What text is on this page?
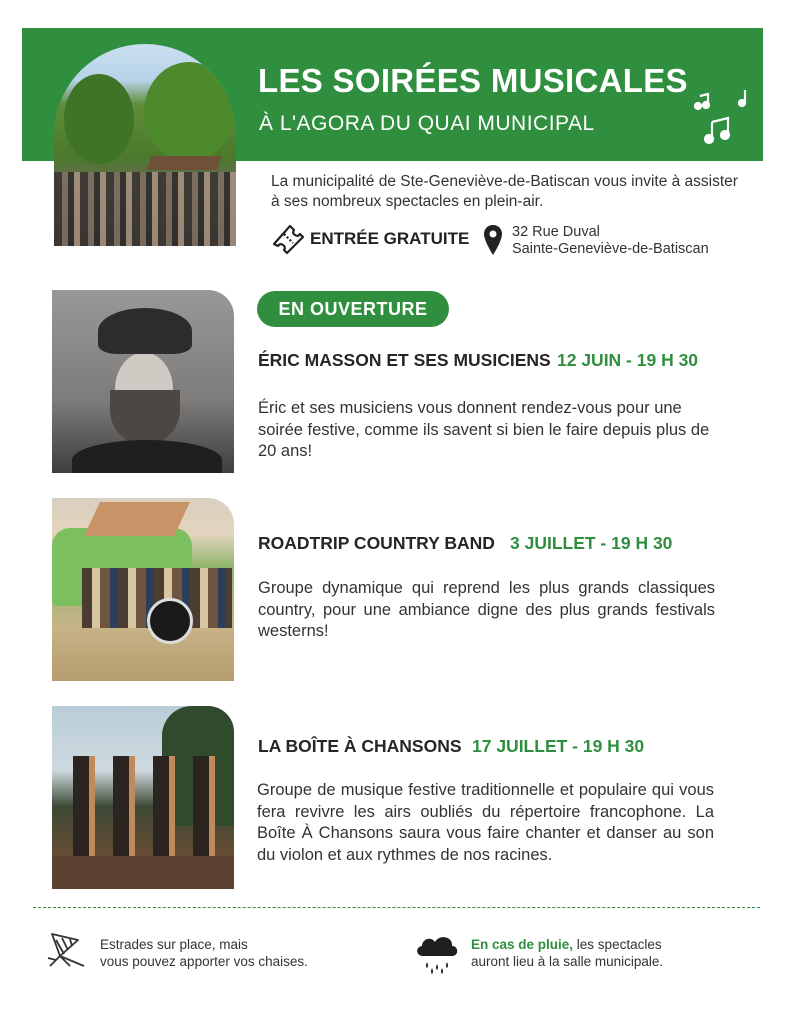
LES SOIRÉES MUSICALES
À L'AGORA DU QUAI MUNICIPAL
La municipalité de Ste-Geneviève-de-Batiscan vous invite à assister à ses nombreux spectacles en plein-air.
ENTRÉE GRATUITE	32 Rue Duval
Sainte-Geneviève-de-Batiscan
EN OUVERTURE
ÉRIC MASSON ET SES MUSICIENS 12 JUIN - 19 H 30
Éric et ses musiciens vous donnent rendez-vous pour une soirée festive, comme ils savent si bien le faire depuis plus de 20 ans!
ROADTRIP COUNTRY BAND 3 JUILLET - 19 H 30
Groupe dynamique qui reprend les plus grands classiques country, pour une ambiance digne des plus grands festivals westerns!
LA BOÎTE À CHANSONS 17 JUILLET - 19 H 30
Groupe de musique festive traditionnelle et populaire qui vous fera revivre les airs oubliés du répertoire francophone. La Boîte À Chansons saura vous faire chanter et danser au son du violon et aux rythmes de nos racines.
Estrades sur place, mais
vous pouvez apporter vos chaises.
En cas de pluie, les spectacles
auront lieu à la salle municipale.
